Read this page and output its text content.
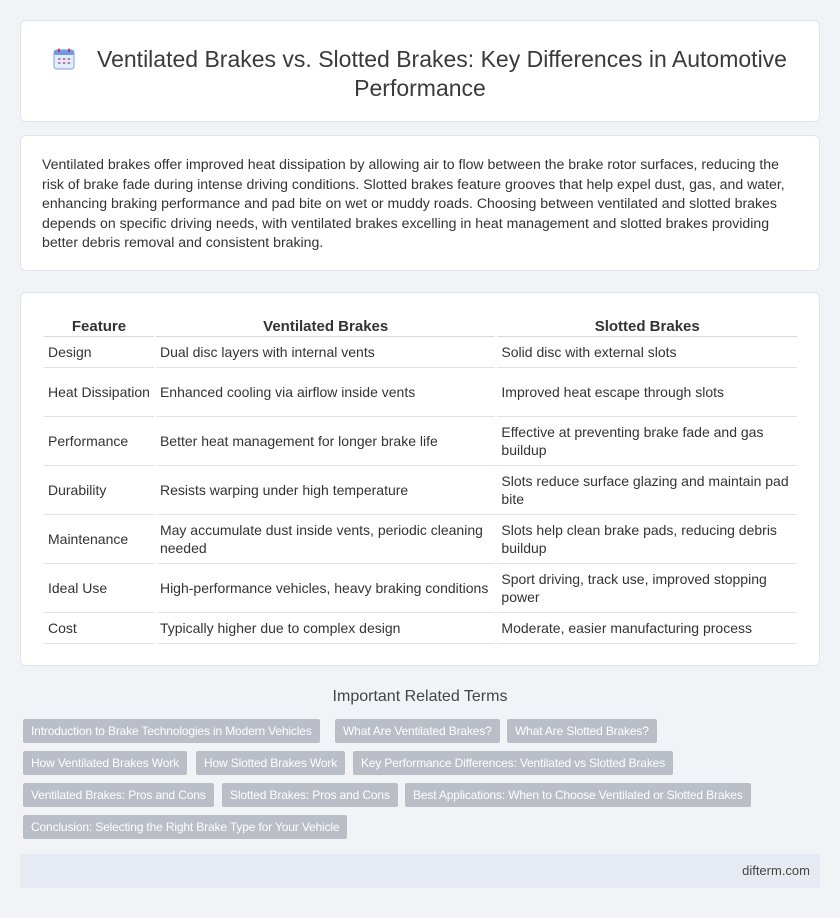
Ventilated Brakes vs. Slotted Brakes: Key Differences in Automotive Performance

Ventilated brakes offer improved heat dissipation by allowing air to flow between the brake rotor surfaces, reducing the risk of brake fade during intense driving conditions. Slotted brakes feature grooves that help expel dust, gas, and water, enhancing braking performance and pad bite on wet or muddy roads. Choosing between ventilated and slotted brakes depends on specific driving needs, with ventilated brakes excelling in heat management and slotted brakes providing better debris removal and consistent braking.

Feature	Ventilated Brakes	Slotted Brakes
Design	Dual disc layers with internal vents	Solid disc with external slots
Heat Dissipation	Enhanced cooling via airflow inside vents	Improved heat escape through slots
Performance	Better heat management for longer brake life	Effective at preventing brake fade and gas buildup
Durability	Resists warping under high temperature	Slots reduce surface glazing and maintain pad bite
Maintenance	May accumulate dust inside vents, periodic cleaning needed	Slots help clean brake pads, reducing debris buildup
Ideal Use	High-performance vehicles, heavy braking conditions	Sport driving, track use, improved stopping power
Cost	Typically higher due to complex design	Moderate, easier manufacturing process
Important Related Terms
Introduction to Brake Technologies in Modern Vehicles	What Are Ventilated Brakes?	What Are Slotted Brakes?
How Ventilated Brakes Work	How Slotted Brakes Work	Key Performance Differences: Ventilated vs Slotted Brakes
Ventilated Brakes: Pros and Cons	Slotted Brakes: Pros and Cons	Best Applications: When to Choose Ventilated or Slotted Brakes
Conclusion: Selecting the Right Brake Type for Your Vehicle
difterm.com
